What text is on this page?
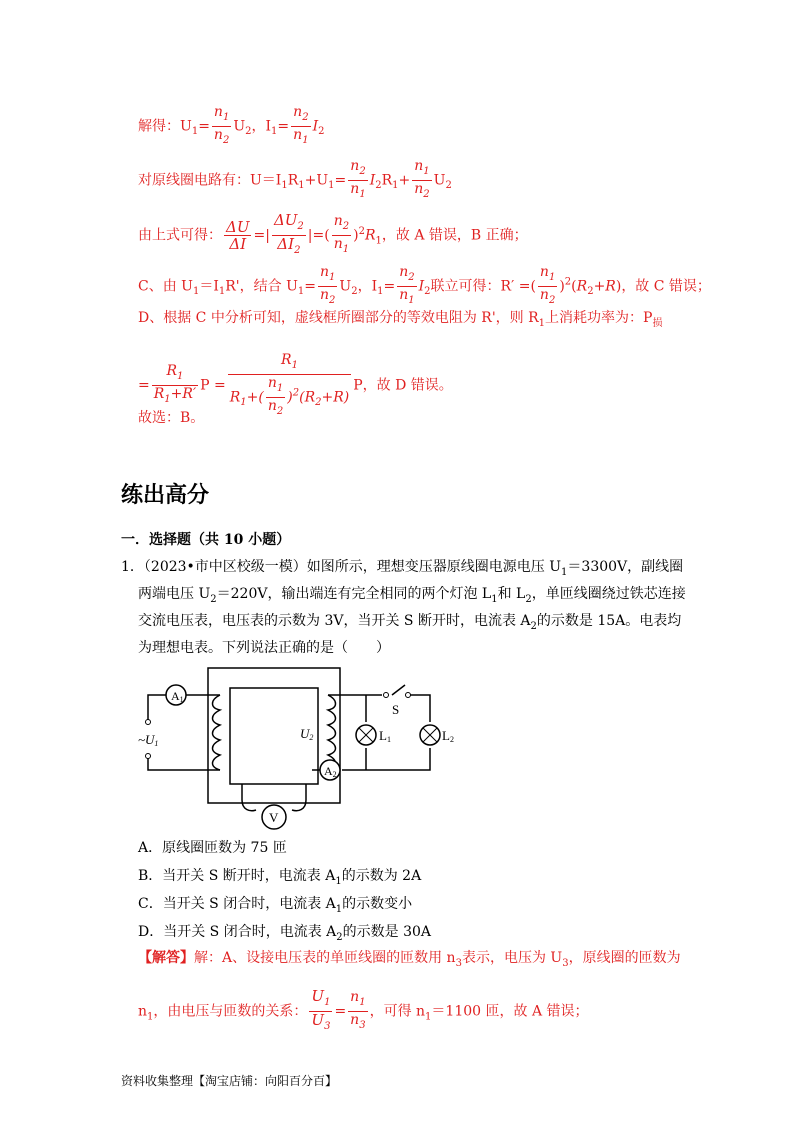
解得：$U_1= \frac{n_1}{n_2} U_2$，$I_1= \frac{n_2}{n_1} I_2$
对原线圈电路有：$U=I_1R_1+U_1= \frac{n_2}{n_1} I_2R_1+ \frac{n_1}{n_2} U_2$
由上式可得： $\frac{\Delta U}{\Delta I}$ =| $\frac{\Delta U_2}{\Delta I_2}$ |=( $\frac{n_2}{n_1} )^2R_1$，故 A 错误，B 正确；
C、由 $U_1=I_1R'$，结合 $U_1= \frac{n_1}{n_2} U_2$，$I_1= \frac{n_2}{n_1} I_2$联立可得：R′ =( $\frac{n_1}{n_2} )^2(R_2+R)$，故 C 错误；
D、根据 C 中分析可知，虚线框所圈部分的等效电阻为 R'，则 $R_1$上消耗功率为：$P_损$
= $\frac{R_1}{R_1+R'}$ $P = \frac{R_1}{R_1+( \frac{n_1}{n_2} )^2(R_2+R)}$ P，故 D 错误。
故选：B。
练出高分
一．选择题（共 10 小题）
1．（2023•市中区校级一模）如图所示，理想变压器原线圈电源电压 $U_1=3300V$，副线圈
两端电压 $U_2=220V$，输出端连有完全相同的两个灯泡 $L_1$和 $L_2$，单匝线圈绕过铁芯连接
交流电压表，电压表的示数为 3V，当开关 S 断开时，电流表 $A_2$的示数是 15A。电表均
为理想电表。下列说法正确的是（　　）
A1
A2
V
S
L1	L2
~U1
U2
A．原线圈匝数为 75 匝
B．当开关 S 断开时，电流表 $A_1$的示数为 2A
C．当开关 S 闭合时，电流表 $A_1$的示数变小
D．当开关 S 闭合时，电流表 $A_2$的示数是 30A
【解答】解：A、设接电压表的单匝线圈的匝数用 $n_3$表示，电压为 $U_3$，原线圈的匝数为
$n_1$，由电压与匝数的关系： $\frac{U_1}{U_3} = \frac{n_1}{n_3}$ ，可得 $n_1=1100$ 匝，故 A 错误；
资料收集整理【淘宝店铺：向阳百分百】
